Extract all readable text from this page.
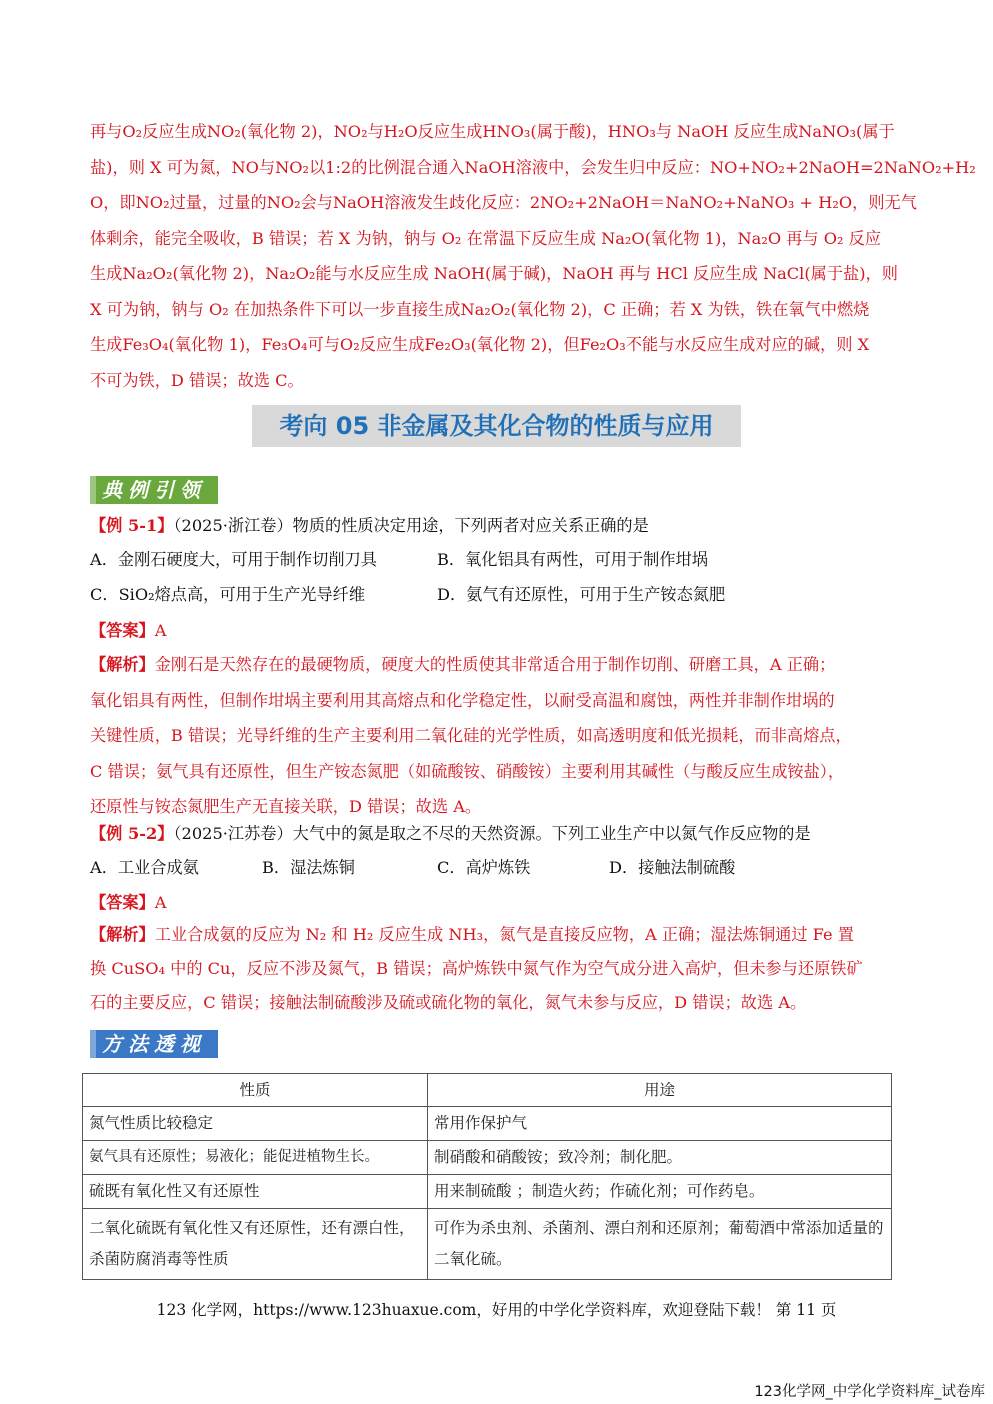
再与O₂反应生成NO₂(氧化物 2)，NO₂与H₂O反应生成HNO₃(属于酸)，HNO₃与 NaOH 反应生成NaNO₃(属于
盐)，则 X 可为氮，NO与NO₂以1:2的比例混合通入NaOH溶液中，会发生归中反应：NO+NO₂+2NaOH=2NaNO₂+H₂
O，即NO₂过量，过量的NO₂会与NaOH溶液发生歧化反应：2NO₂+2NaOH＝NaNO₂+NaNO₃ + H₂O，则无气
体剩余，能完全吸收，B 错误；若 X 为钠，钠与 O₂ 在常温下反应生成 Na₂O(氧化物 1)，Na₂O 再与 O₂ 反应
生成Na₂O₂(氧化物 2)，Na₂O₂能与水反应生成 NaOH(属于碱)，NaOH 再与 HCl 反应生成 NaCl(属于盐)，则
X 可为钠，钠与 O₂ 在加热条件下可以一步直接生成Na₂O₂(氧化物 2)，C 正确；若 X 为铁，铁在氧气中燃烧
生成Fe₃O₄(氧化物 1)，Fe₃O₄可与O₂反应生成Fe₂O₃(氧化物 2)，但Fe₂O₃不能与水反应生成对应的碱，则 X
不可为铁，D 错误；故选 C。
考向 05 非金属及其化合物的性质与应用
典例引领
【例 5-1】（2025·浙江卷）物质的性质决定用途，下列两者对应关系正确的是
A．金刚石硬度大，可用于制作切削刀具	B．氧化铝具有两性，可用于制作坩埚
C．SiO₂熔点高，可用于生产光导纤维	D．氨气有还原性，可用于生产铵态氮肥
【答案】A
【解析】金刚石是天然存在的最硬物质，硬度大的性质使其非常适合用于制作切削、研磨工具，A 正确；
氧化铝具有两性，但制作坩埚主要利用其高熔点和化学稳定性，以耐受高温和腐蚀，两性并非制作坩埚的
关键性质，B 错误；光导纤维的生产主要利用二氧化硅的光学性质，如高透明度和低光损耗，而非高熔点，
C 错误；氨气具有还原性，但生产铵态氮肥（如硫酸铵、硝酸铵）主要利用其碱性（与酸反应生成铵盐），
还原性与铵态氮肥生产无直接关联，D 错误；故选 A。
【例 5-2】（2025·江苏卷）大气中的氮是取之不尽的天然资源。下列工业生产中以氮气作反应物的是
A．工业合成氨	B．湿法炼铜	C．高炉炼铁	D．接触法制硫酸
【答案】A
【解析】工业合成氨的反应为 N₂ 和 H₂ 反应生成 NH₃，氮气是直接反应物，A 正确；湿法炼铜通过 Fe 置
换 CuSO₄ 中的 Cu，反应不涉及氮气，B 错误；高炉炼铁中氮气作为空气成分进入高炉，但未参与还原铁矿
石的主要反应，C 错误；接触法制硫酸涉及硫或硫化物的氧化，氮气未参与反应，D 错误；故选 A。
方法透视
性质	用途
氮气性质比较稳定	常用作保护气
氨气具有还原性；易液化；能促进植物生长。	制硝酸和硝酸铵；致冷剂；制化肥。
硫既有氧化性又有还原性	用来制硫酸 ；制造火药；作硫化剂；可作药皂。
二氧化硫既有氧化性又有还原性，还有漂白性，杀菌防腐消毒等性质	可作为杀虫剂、杀菌剂、漂白剂和还原剂；葡萄酒中常添加适量的二氧化硫。
123 化学网，https://www.123huaxue.com，好用的中学化学资料库，欢迎登陆下载！ 第 11 页
123化学网_中学化学资料库_试卷库
